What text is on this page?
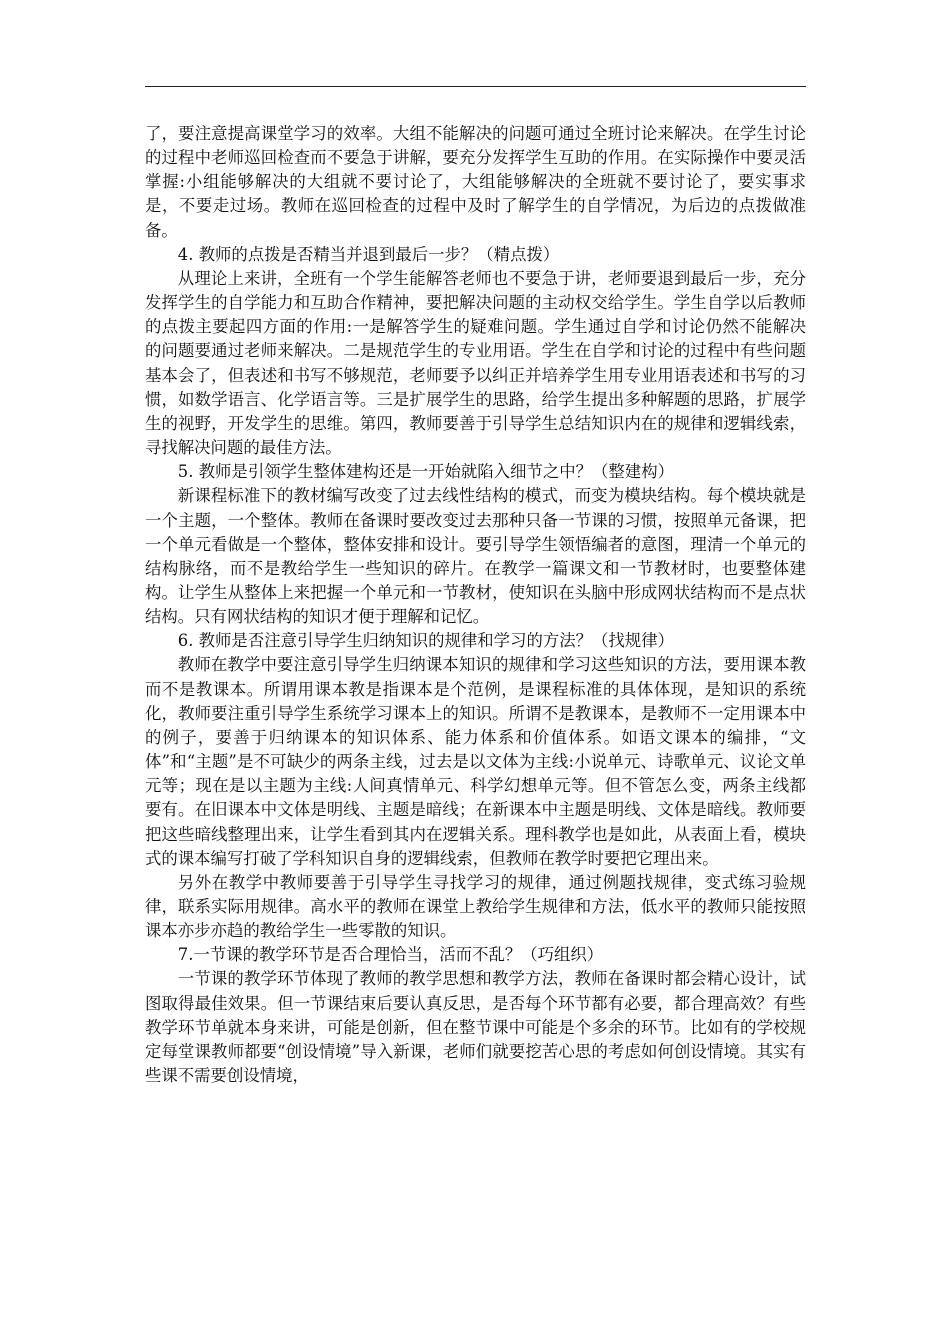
了，要注意提高课堂学习的效率。大组不能解决的问题可通过全班讨论来解决。在学生讨论的过程中老师巡回检查而不要急于讲解，要充分发挥学生互助的作用。在实际操作中要灵活掌握:小组能够解决的大组就不要讨论了，大组能够解决的全班就不要讨论了，要实事求是，不要走过场。教师在巡回检查的过程中及时了解学生的自学情况，为后边的点拨做准备。

4. 教师的点拨是否精当并退到最后一步？（精点拨）

从理论上来讲，全班有一个学生能解答老师也不要急于讲，老师要退到最后一步，充分发挥学生的自学能力和互助合作精神，要把解决问题的主动权交给学生。学生自学以后教师的点拨主要起四方面的作用:一是解答学生的疑难问题。学生通过自学和讨论仍然不能解决的问题要通过老师来解决。二是规范学生的专业用语。学生在自学和讨论的过程中有些问题基本会了，但表述和书写不够规范，老师要予以纠正并培养学生用专业用语表述和书写的习惯，如数学语言、化学语言等。三是扩展学生的思路，给学生提出多种解题的思路，扩展学生的视野，开发学生的思维。第四，教师要善于引导学生总结知识内在的规律和逻辑线索，寻找解决问题的最佳方法。

5. 教师是引领学生整体建构还是一开始就陷入细节之中？（整建构）

新课程标准下的教材编写改变了过去线性结构的模式，而变为模块结构。每个模块就是一个主题，一个整体。教师在备课时要改变过去那种只备一节课的习惯，按照单元备课，把一个单元看做是一个整体，整体安排和设计。要引导学生领悟编者的意图，理清一个单元的结构脉络，而不是教给学生一些知识的碎片。在教学一篇课文和一节教材时，也要整体建构。让学生从整体上来把握一个单元和一节教材，使知识在头脑中形成网状结构而不是点状结构。只有网状结构的知识才便于理解和记忆。

6. 教师是否注意引导学生归纳知识的规律和学习的方法？（找规律）

教师在教学中要注意引导学生归纳课本知识的规律和学习这些知识的方法，要用课本教而不是教课本。所谓用课本教是指课本是个范例，是课程标准的具体体现，是知识的系统化，教师要注重引导学生系统学习课本上的知识。所谓不是教课本，是教师不一定用课本中的例子，要善于归纳课本的知识体系、能力体系和价值体系。如语文课本的编排，“文体”和“主题”是不可缺少的两条主线，过去是以文体为主线:小说单元、诗歌单元、议论文单元等；现在是以主题为主线:人间真情单元、科学幻想单元等。但不管怎么变，两条主线都要有。在旧课本中文体是明线、主题是暗线；在新课本中主题是明线、文体是暗线。教师要把这些暗线整理出来，让学生看到其内在逻辑关系。理科教学也是如此，从表面上看，模块式的课本编写打破了学科知识自身的逻辑线索，但教师在教学时要把它理出来。

另外在教学中教师要善于引导学生寻找学习的规律，通过例题找规律，变式练习验规律，联系实际用规律。高水平的教师在课堂上教给学生规律和方法，低水平的教师只能按照课本亦步亦趋的教给学生一些零散的知识。

7.一节课的教学环节是否合理恰当，活而不乱？（巧组织）

一节课的教学环节体现了教师的教学思想和教学方法，教师在备课时都会精心设计，试图取得最佳效果。但一节课结束后要认真反思，是否每个环节都有必要，都合理高效？有些教学环节单就本身来讲，可能是创新，但在整节课中可能是个多余的环节。比如有的学校规定每堂课教师都要“创设情境”导入新课，老师们就要挖苦心思的考虑如何创设情境。其实有些课不需要创设情境，
